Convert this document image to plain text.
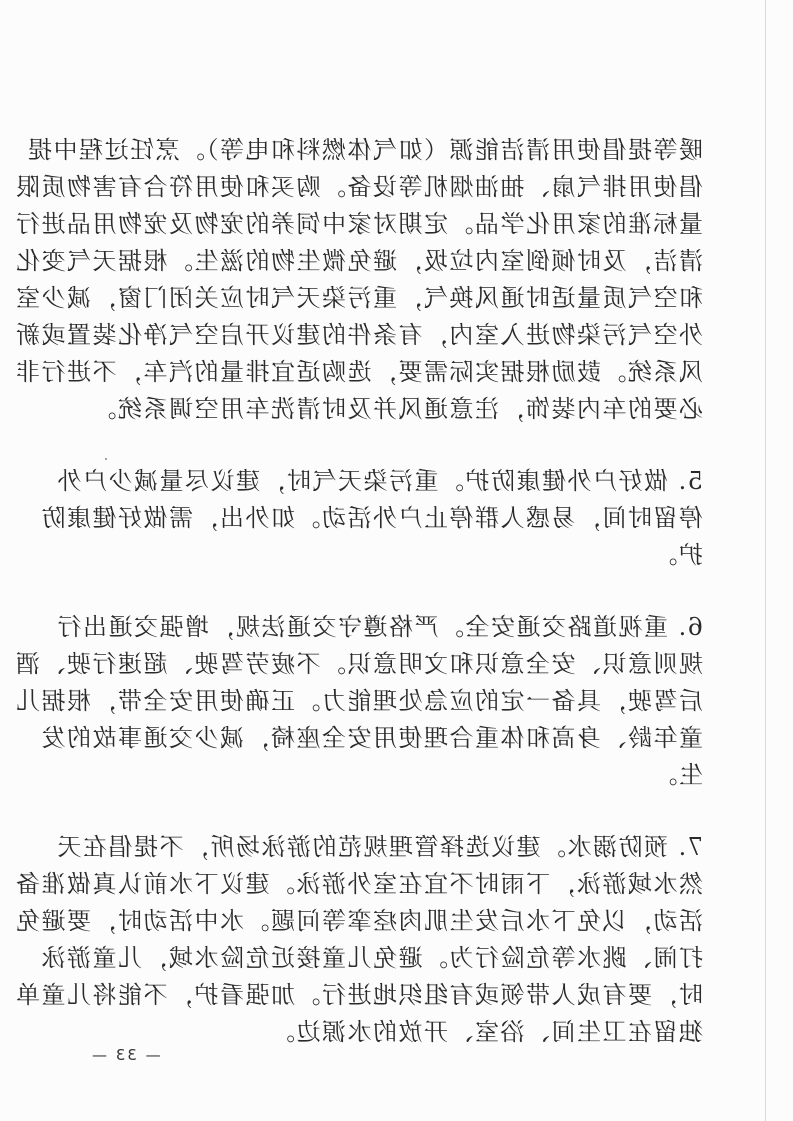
暖等提倡使用清洁能源（如气体燃料和电等）。烹饪过程中提
倡使用排气扇、抽油烟机等设备。购买和使用符合有害物质限
量标准的家用化学品。定期对家中饲养的宠物及宠物用品进行
清洁，及时倾倒室内垃圾，避免微生物的滋生。根据天气变化
和空气质量适时通风换气，重污染天气时应关闭门窗，减少室
外空气污染物进入室内，有条件的建议开启空气净化装置或新
风系统。鼓励根据实际需要，选购适宜排量的汽车，不进行非
必要的车内装饰，注意通风并及时清洗车用空调系统。
5. 做好户外健康防护。重污染天气时，建议尽量减少户外
停留时间，易感人群停止户外活动。如外出，需做好健康防
护。
6. 重视道路交通安全。严格遵守交通法规，增强交通出行
规则意识、安全意识和文明意识。不疲劳驾驶、超速行驶、酒
后驾驶，具备一定的应急处理能力。正确使用安全带，根据儿
童年龄、身高和体重合理使用安全座椅，减少交通事故的发
生。
7. 预防溺水。建议选择管理规范的游泳场所，不提倡在天
然水域游泳，下雨时不宜在室外游泳。建议下水前认真做准备
活动，以免下水后发生肌肉痉挛等问题。水中活动时，要避免
打闹、跳水等危险行为。避免儿童接近危险水域，儿童游泳
时，要有成人带领或有组织地进行。加强看护，不能将儿童单
独留在卫生间、浴室、开放的水源边。
— 33 —
